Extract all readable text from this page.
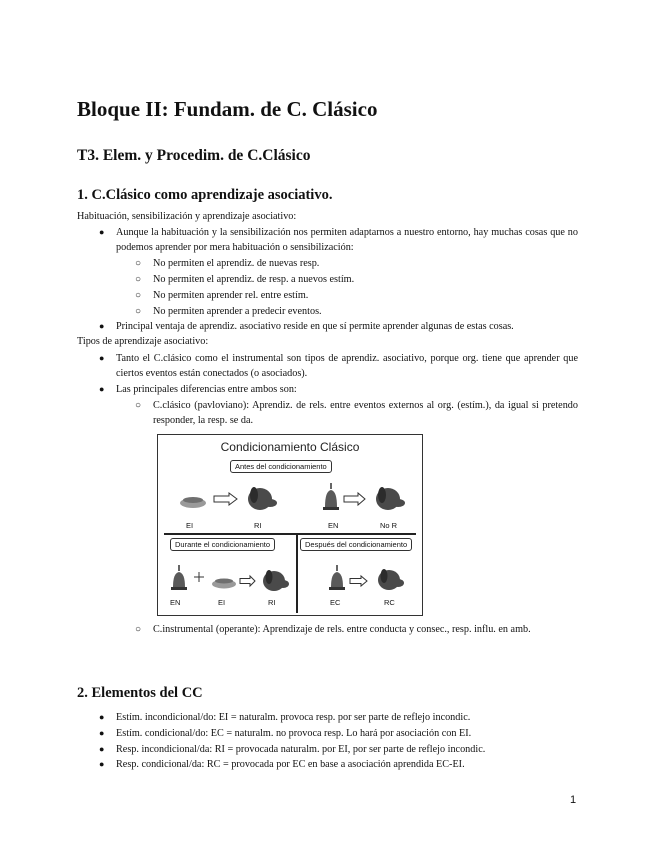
Bloque II: Fundam. de C. Clásico
T3. Elem. y Procedim. de C.Clásico
1. C.Clásico como aprendizaje asociativo.

Habituación, sensibilización y aprendizaje asociativo:

● Aunque la habituación y la sensibilización nos permiten adaptarnos a nuestro entorno, hay muchas cosas que no podemos aprender por mera habituación o sensibilización:

○ No permiten el aprendiz. de nuevas resp.

○ No permiten el aprendiz. de resp. a nuevos estím.

○ No permiten aprender rel. entre estím.

○ No permiten aprender a predecir eventos.

● Principal ventaja de aprendiz. asociativo reside en que sí permite aprender algunas de estas cosas.

Tipos de aprendizaje asociativo:

● Tanto el C.clásico como el instrumental son tipos de aprendiz. asociativo, porque org. tiene que aprender que ciertos eventos están conectados (o asociados).

● Las principales diferencias entre ambos son:

○ C.clásico (pavloviano): Aprendiz. de rels. entre eventos externos al org. (estím.), da igual si pretendo responder, la resp. se da.

Condicionamiento Clásico
Antes del condicionamiento
EI	RI	EN	No R
Durante el condicionamiento	Después del condicionamiento
EN	EI	RI	EC	RC
○ C.instrumental (operante): Aprendizaje de rels. entre conducta y consec., resp. influ. en amb.

2. Elementos del CC
● Estím. incondicional/do: EI = naturalm. provoca resp. por ser parte de reflejo incondic.

● Estím. condicional/do: EC = naturalm. no provoca resp. Lo hará por asociación con EI.

● Resp. incondicional/da: RI = provocada naturalm. por EI, por ser parte de reflejo incondic.

● Resp. condicional/da: RC = provocada por EC en base a asociación aprendida EC-EI.

1
